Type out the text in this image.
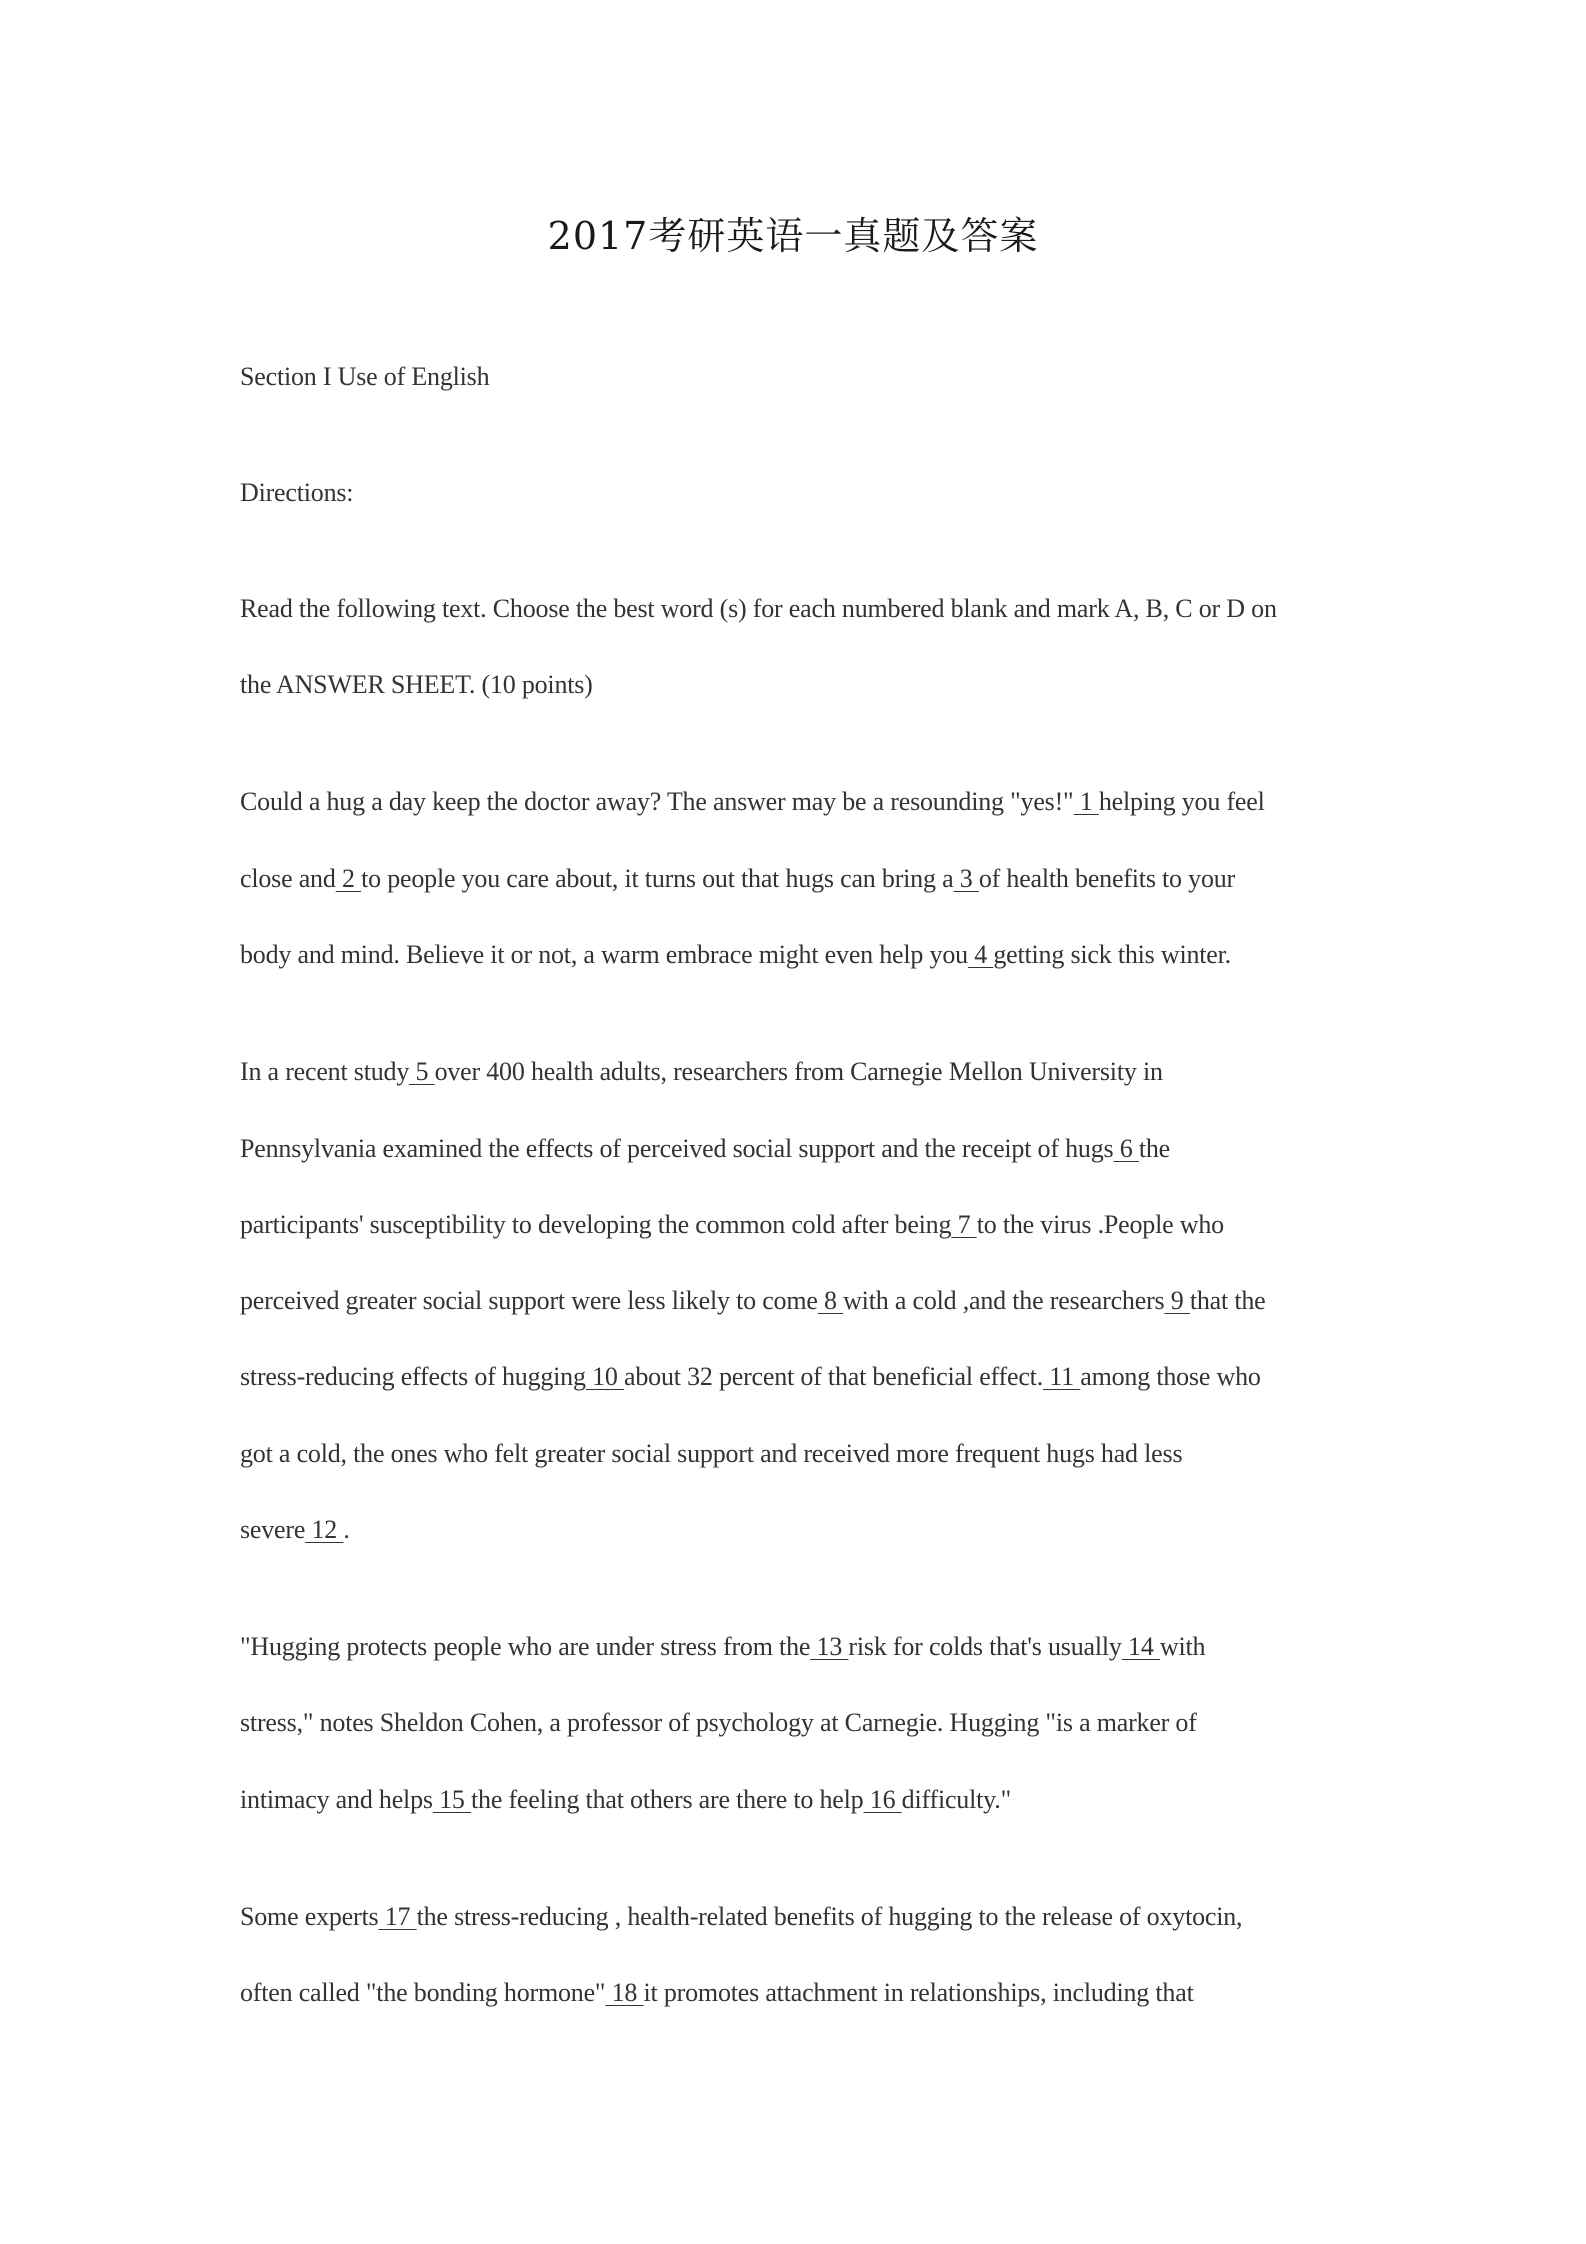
2017考研英语一真题及答案
Section I Use of English
Directions:
Read the following text. Choose the best word (s) for each numbered blank and mark A, B, C or D on
the ANSWER SHEET. (10 points)
Could a hug a day keep the doctor away? The answer may be a resounding "yes!" 1 helping you feel
close and 2 to people you care about, it turns out that hugs can bring a 3 of health benefits to your
body and mind. Believe it or not, a warm embrace might even help you 4 getting sick this winter.
In a recent study 5 over 400 health adults, researchers from Carnegie Mellon University in
Pennsylvania examined the effects of perceived social support and the receipt of hugs 6 the
participants' susceptibility to developing the common cold after being 7 to the virus .People who
perceived greater social support were less likely to come 8 with a cold ,and the researchers 9 that the
stress-reducing effects of hugging 10 about 32 percent of that beneficial effect. 11 among those who
got a cold, the ones who felt greater social support and received more frequent hugs had less
severe 12 .
"Hugging protects people who are under stress from the 13 risk for colds that's usually 14 with
stress," notes Sheldon Cohen, a professor of psychology at Carnegie. Hugging "is a marker of
intimacy and helps 15 the feeling that others are there to help 16 difficulty."
Some experts 17 the stress-reducing , health-related benefits of hugging to the release of oxytocin,
often called "the bonding hormone" 18 it promotes attachment in relationships, including that
